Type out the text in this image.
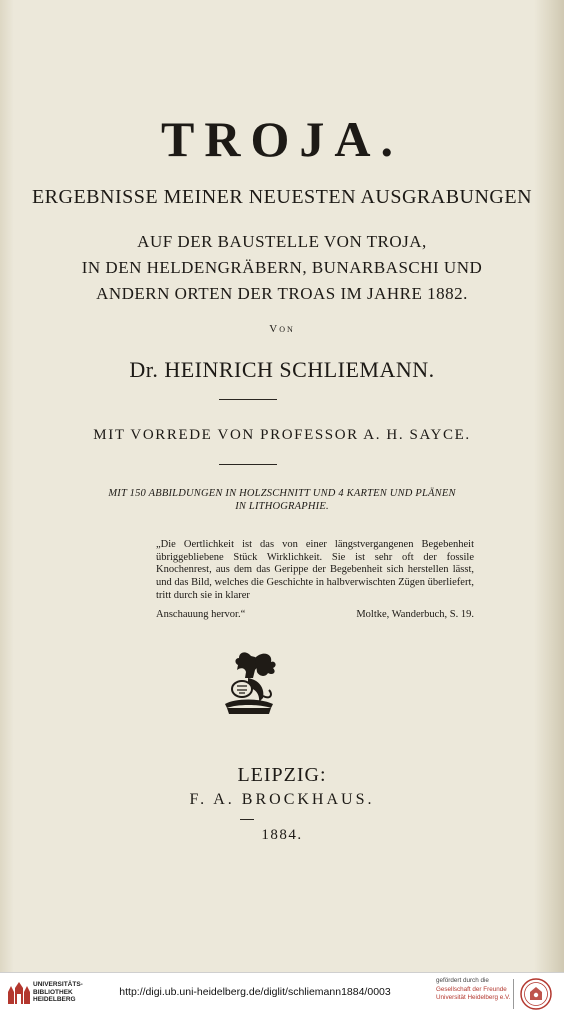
TROJA.
ERGEBNISSE MEINER NEUESTEN AUSGRABUNGEN
AUF DER BAUSTELLE VON TROJA,
IN DEN HELDENGRÄBERN, BUNARBASCHI UND
ANDERN ORTEN DER TROAS IM JAHRE 1882.
Von
Dr. HEINRICH SCHLIEMANN.
MIT VORREDE VON PROFESSOR A. H. SAYCE.
MIT 150 ABBILDUNGEN IN HOLZSCHNITT UND 4 KARTEN UND PLÄNEN
IN LITHOGRAPHIE.
„Die Oertlichkeit ist das von einer längstvergangenen Begebenheit übriggebliebene Stück Wirklichkeit. Sie ist sehr oft der fossile Knochenrest, aus dem das Gerippe der Begebenheit sich herstellen lässt, und das Bild, welches die Geschichte in halbverwischten Zügen überliefert, tritt durch sie in klarer
Anschauung hervor.“	Moltke, Wanderbuch, S. 19.
LEIPZIG:
F. A. BROCKHAUS.
1884.
UNIVERSITÄTS-
BIBLIOTHEK
HEIDELBERG
http://digi.ub.uni-heidelberg.de/diglit/schliemann1884/0003
gefördert durch die
Gesellschaft der Freunde
Universität Heidelberg e.V.
